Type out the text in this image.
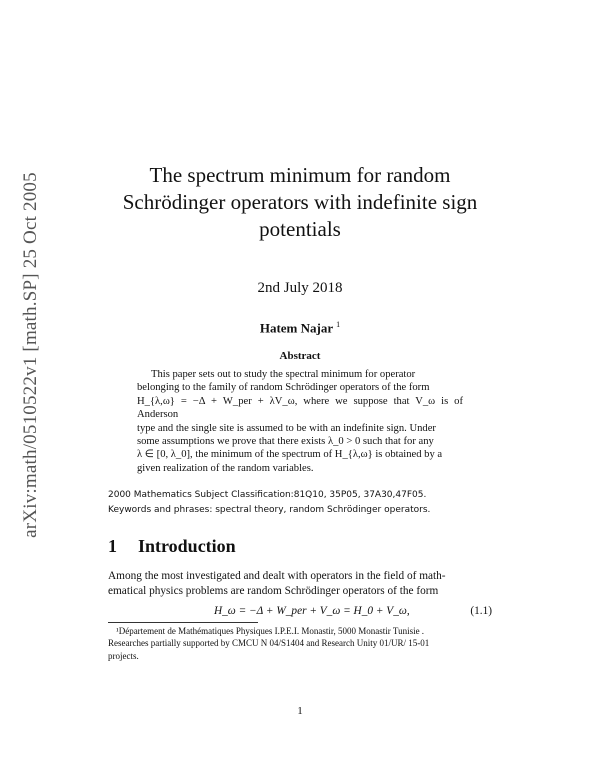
arXiv:math/0510522v1 [math.SP] 25 Oct 2005	The spectrum minimum for random
Schrödinger operators with indefinite sign
potentials
2nd July 2018
Hatem Najar $^1$
Abstract
This paper sets out to study the spectral minimum for operator
belonging to the family of random Schrödinger operators of the form
H_{λ,ω} = −Δ + W_per + λV_ω, where we suppose that V_ω is of Anderson
type and the single site is assumed to be with an indefinite sign. Under
some assumptions we prove that there exists λ_0 > 0 such that for any
λ ∈ [0, λ_0], the minimum of the spectrum of H_{λ,ω} is obtained by a
given realization of the random variables.
2000 Mathematics Subject Classification:81Q10, 35P05, 37A30,47F05.
Keywords and phrases: spectral theory, random Schrödinger operators.
1 Introduction
Among the most investigated and dealt with operators in the field of math-
ematical physics problems are random Schrödinger operators of the form
H_ω = −Δ + W_per + V_ω = H_0 + V_ω,	(1.1)
¹Département de Mathématiques Physiques I.P.E.I. Monastir, 5000 Monastir Tunisie .
Researches partially supported by CMCU N 04/S1404 and Research Unity 01/UR/ 15-01
projects.
1
